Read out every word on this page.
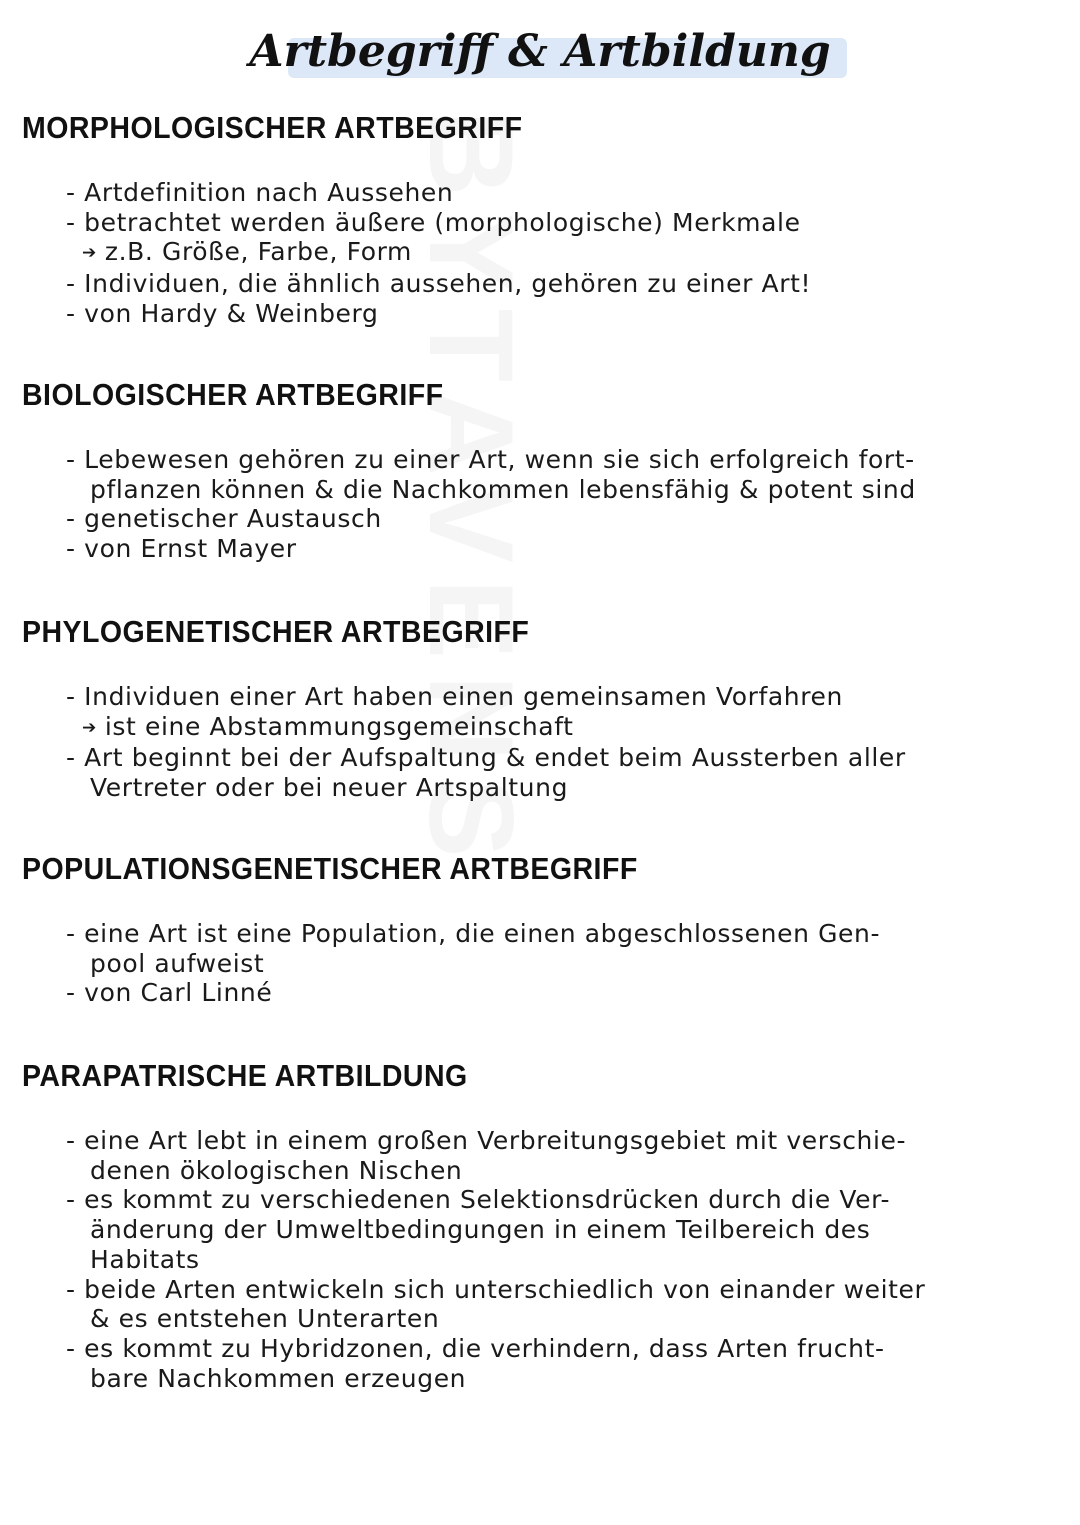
Artbegriff & Artbildung
MORPHOLOGISCHER ARTBEGRIFF
- Artdefinition nach Aussehen
- betrachtet werden äußere (morphologische) Merkmale
➔ z.B. Größe, Farbe, Form
- Individuen, die ähnlich aussehen, gehören zu einer Art!
- von Hardy & Weinberg
BIOLOGISCHER ARTBEGRIFF
- Lebewesen gehören zu einer Art, wenn sie sich erfolgreich fort-
pflanzen können & die Nachkommen lebensfähig & potent sind
- genetischer Austausch
- von Ernst Mayer
PHYLOGENETISCHER ARTBEGRIFF
- Individuen einer Art haben einen gemeinsamen Vorfahren
➔ ist eine Abstammungsgemeinschaft
- Art beginnt bei der Aufspaltung & endet beim Aussterben aller
Vertreter oder bei neuer Artspaltung
POPULATIONSGENETISCHER ARTBEGRIFF
- eine Art ist eine Population, die einen abgeschlossenen Gen-
pool aufweist
- von Carl Linné
PARAPATRISCHE ARTBILDUNG
- eine Art lebt in einem großen Verbreitungsgebiet mit verschie-
denen ökologischen Nischen
- es kommt zu verschiedenen Selektionsdrücken durch die Ver-
änderung der Umweltbedingungen in einem Teilbereich des
Habitats
- beide Arten entwickeln sich unterschiedlich von einander weiter
& es entstehen Unterarten
- es kommt zu Hybridzonen, die verhindern, dass Arten frucht-
bare Nachkommen erzeugen
